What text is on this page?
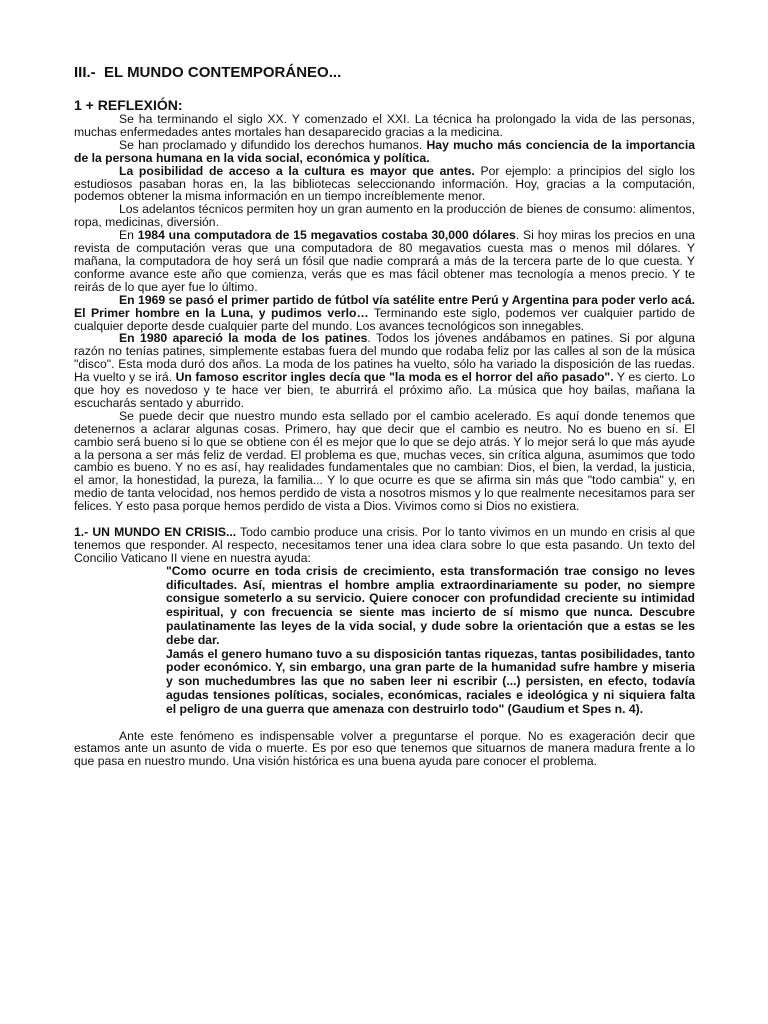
III.-  EL MUNDO CONTEMPORÁNEO...
1 + REFLEXIÓN:

Se ha terminando el siglo XX. Y comenzado el XXI. La técnica ha prolongado la vida de las personas, muchas enfermedades antes mortales han desaparecido gracias a la medicina.

Se han proclamado y difundido los derechos humanos. Hay mucho más conciencia de la importancia de la persona humana en la vida social, económica y política.

La posibilidad de acceso a la cultura es mayor que antes. Por ejemplo: a principios del siglo los estudiosos pasaban horas en, la las bibliotecas seleccionando información. Hoy, gracias a la computación, podemos obtener la misma información en un tiempo increíblemente menor.

Los adelantos técnicos permiten hoy un gran aumento en la producción de bienes de consumo: alimentos, ropa, medicinas, diversión.

En 1984 una computadora de 15 megavatios costaba 30,000 dólares. Si hoy miras los precios en una revista de computación veras que una computadora de 80 megavatios cuesta mas o menos mil dólares. Y mañana, la computadora de hoy será un fósil que nadie comprará a más de la tercera parte de lo que cuesta. Y conforme avance este año que comienza, verás que es mas fácil obtener mas tecnología a menos precio. Y te reirás de lo que ayer fue lo último.

En 1969 se pasó el primer partido de fútbol vía satélite entre Perú y Argentina para poder verlo acá. El Primer hombre en la Luna, y pudimos verlo… Terminando este siglo, podemos ver cualquier partido de cualquier deporte desde cualquier parte del mundo. Los avances tecnológicos son innegables.

En 1980 apareció la moda de los patines. Todos los jóvenes andábamos en patines. Si por alguna razón no tenías patines, simplemente estabas fuera del mundo que rodaba feliz por las calles al son de la música "disco". Esta moda duró dos años. La moda de los patines ha vuelto, sólo ha variado la disposición de las ruedas. Ha vuelto y se irá. Un famoso escritor ingles decía que "la moda es el horror del año pasado". Y es cierto. Lo que hoy es novedoso y te hace ver bien, te aburrirá el próximo año. La música que hoy bailas, mañana la escucharás sentado y aburrido.

Se puede decir que nuestro mundo esta sellado por el cambio acelerado. Es aquí donde tenemos que detenernos a aclarar algunas cosas. Primero, hay que decir que el cambio es neutro. No es bueno en sí. El cambio será bueno si lo que se obtiene con él es mejor que lo que se dejo atrás. Y lo mejor será lo que más ayude a la persona a ser más feliz de verdad. El problema es que, muchas veces, sin crítica alguna, asumimos que todo cambio es bueno. Y no es así, hay realidades fundamentales que no cambian: Dios, el bien, la verdad, la justicia, el amor, la honestidad, la pureza, la familia... Y lo que ocurre es que se afirma sin más que "todo cambia" y, en medio de tanta velocidad, nos hemos perdido de vista a nosotros mismos y lo que realmente necesitamos para ser felices. Y esto pasa porque hemos perdido de vista a Dios. Vivimos como si Dios no existiera.

1.- UN MUNDO EN CRISIS... Todo cambio produce una crisis. Por lo tanto vivimos en un mundo en crisis al que tenemos que responder. Al respecto, necesitamos tener una idea clara sobre lo que esta pasando. Un texto del Concilio Vaticano II viene en nuestra ayuda:

"Como ocurre en toda crisis de crecimiento, esta transformación trae consigo no leves dificultades. Así, mientras el hombre amplia extraordinariamente su poder, no siempre consigue someterlo a su servicio. Quiere conocer con profundidad creciente su intimidad espiritual, y con frecuencia se siente mas incierto de sí mismo que nunca. Descubre paulatinamente las leyes de la vida social, y dude sobre la orientación que a estas se les debe dar.

Jamás el genero humano tuvo a su disposición tantas riquezas, tantas posibilidades, tanto poder económico. Y, sin embargo, una gran parte de la humanidad sufre hambre y miseria y son muchedumbres las que no saben leer ni escribir (...) persisten, en efecto, todavía agudas tensiones políticas, sociales, económicas, raciales e ideológica y ni siquiera falta el peligro de una guerra que amenaza con destruirlo todo" (Gaudium et Spes n. 4).

Ante este fenómeno es indispensable volver a preguntarse el porque. No es exageración decir que estamos ante un asunto de vida o muerte. Es por eso que tenemos que situarnos de manera madura frente a lo que pasa en nuestro mundo. Una visión histórica es una buena ayuda pare conocer el problema.
